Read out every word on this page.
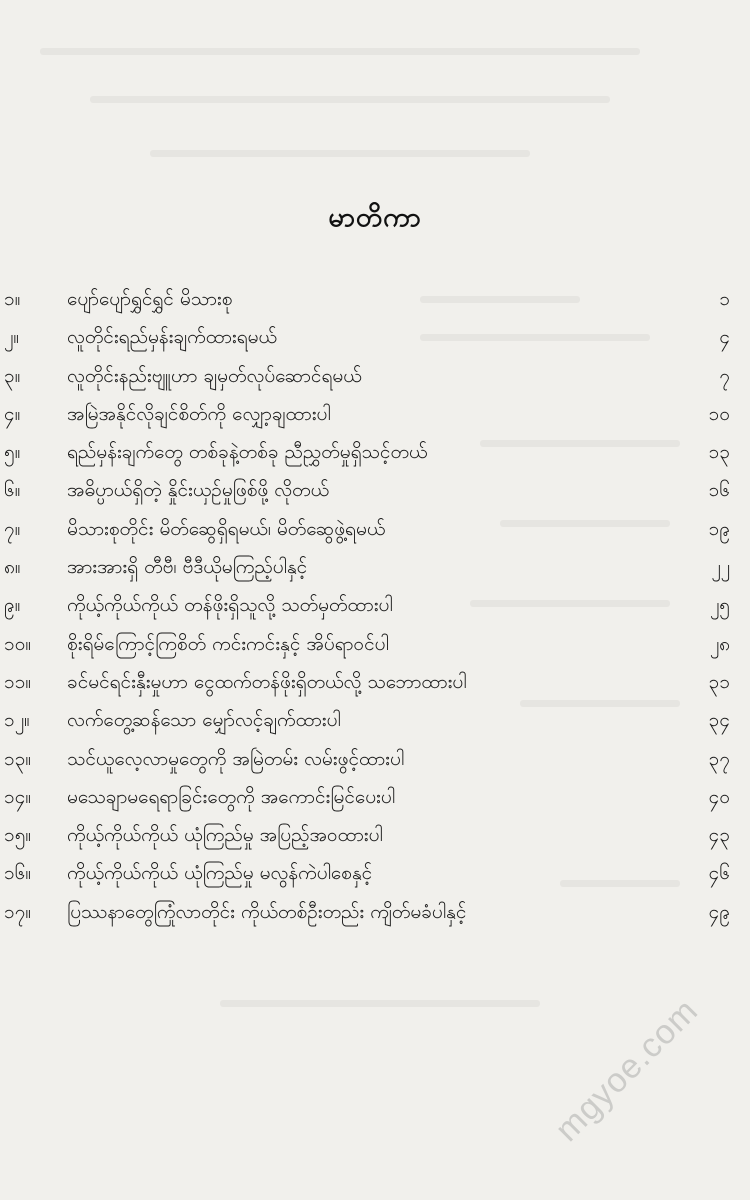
မာတိကာ
၁။ ပျော်ပျော်ရွှင်ရွှင် မိသားစု	၁
၂။	လူတိုင်းရည်မှန်းချက်ထားရမယ်	၄
၃။ လူတိုင်းနည်းဗျူဟာ ချမှတ်လုပ်ဆောင်ရမယ်	၇
၄။ အမြဲအနိုင်လိုချင်စိတ်ကို လျှော့ချထားပါ	၁၀
၅။ ရည်မှန်းချက်တွေ တစ်ခုနဲ့တစ်ခု ညီညွှတ်မှုရှိသင့်တယ်	၁၃
၆။ အဓိပ္ပာယ်ရှိတဲ့ နှိုင်းယှဉ်မှုဖြစ်ဖို့ လိုတယ်	၁၆
၇။ မိသားစုတိုင်း မိတ်ဆွေရှိရမယ်၊ မိတ်ဆွေဖွဲ့ရမယ်	၁၉
၈။ အားအားရှိ တီဗီ၊ ဗီဒီယိုမကြည့်ပါနှင့်	၂၂
၉။ ကိုယ့်ကိုယ်ကိုယ် တန်ဖိုးရှိသူလို့ သတ်မှတ်ထားပါ	၂၅
၁၀။ စိုးရိမ်ကြောင့်ကြစိတ် ကင်းကင်းနှင့် အိပ်ရာဝင်ပါ	၂၈
၁၁။ ခင်မင်ရင်းနှီးမှုဟာ ငွေထက်တန်ဖိုးရှိတယ်လို့ သဘောထားပါ	၃၁
၁၂။ လက်တွေ့ဆန်သော မျှော်လင့်ချက်ထားပါ	၃၄
၁၃။ သင်ယူလေ့လာမှုတွေကို အမြဲတမ်း လမ်းဖွင့်ထားပါ	၃၇
၁၄။ မသေချာမရေရာခြင်းတွေကို အကောင်းမြင်ပေးပါ	၄၀
၁၅။ ကိုယ့်ကိုယ်ကိုယ် ယုံကြည်မှု အပြည့်အဝထားပါ	၄၃
၁၆။ ကိုယ့်ကိုယ်ကိုယ် ယုံကြည်မှု မလွန်ကဲပါစေနှင့်	၄၆
၁၇။ ပြဿနာတွေကြုံလာတိုင်း ကိုယ်တစ်ဦးတည်း ကျိတ်မခံပါနှင့်	၄၉
mgyoe.com
